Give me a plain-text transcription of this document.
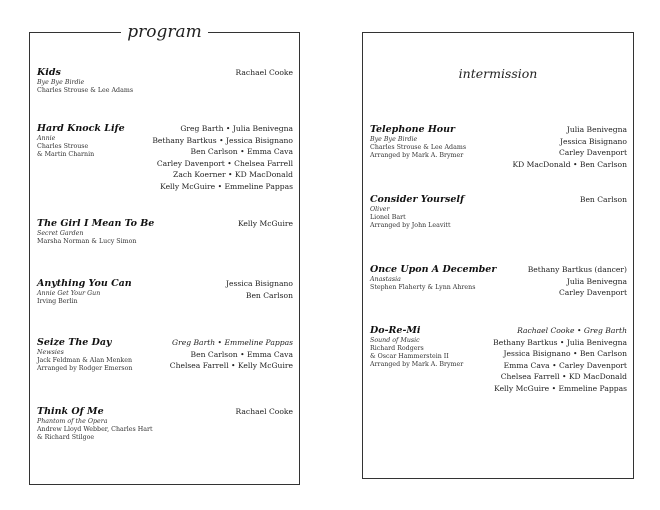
program
Kids
Bye Bye Birdie
Charles Strouse & Lee Adams
Rachael Cooke
Hard Knock Life
Annie
Charles Strouse
& Martin Charnin
Greg Barth • Julia Benivegna
Bethany Bartkus • Jessica Bisignano
Ben Carlson • Emma Cava
Carley Davenport • Chelsea Farrell
Zach Koerner • KD MacDonald
Kelly McGuire • Emmeline Pappas
The Girl I Mean To Be
Secret Garden
Marsha Norman & Lucy Simon
Kelly McGuire
Anything You Can
Annie Get Your Gun
Irving Berlin
Jessica Bisignano
Ben Carlson
Seize The Day
Newsies
Jack Feldman & Alan Menken
Arranged by Rodger Emerson
Greg Barth • Emmeline Pappas
Ben Carlson • Emma Cava
Chelsea Farrell • Kelly McGuire
Think Of Me
Phantom of the Opera
Andrew Lloyd Webber, Charles Hart
& Richard Stilgoe
Rachael Cooke
intermission
Telephone Hour
Bye Bye Birdie
Charles Strouse & Lee Adams
Arranged by Mark A. Brymer
Julia Benivegna
Jessica Bisignano
Carley Davenport
KD MacDonald • Ben Carlson
Consider Yourself
Oliver
Lionel Bart
Arranged by John Leavitt
Ben Carlson
Once Upon A December
Anastasia
Stephen Flaherty & Lynn Ahrens
Bethany Bartkus (dancer)
Julia Benivegna
Carley Davenport
Do-Re-Mi
Sound of Music
Richard Rodgers
& Oscar Hammerstein II
Arranged by Mark A. Brymer
Rachael Cooke • Greg Barth
Bethany Bartkus • Julia Benivegna
Jessica Bisignano • Ben Carlson
Emma Cava • Carley Davenport
Chelsea Farrell • KD MacDonald
Kelly McGuire • Emmeline Pappas
